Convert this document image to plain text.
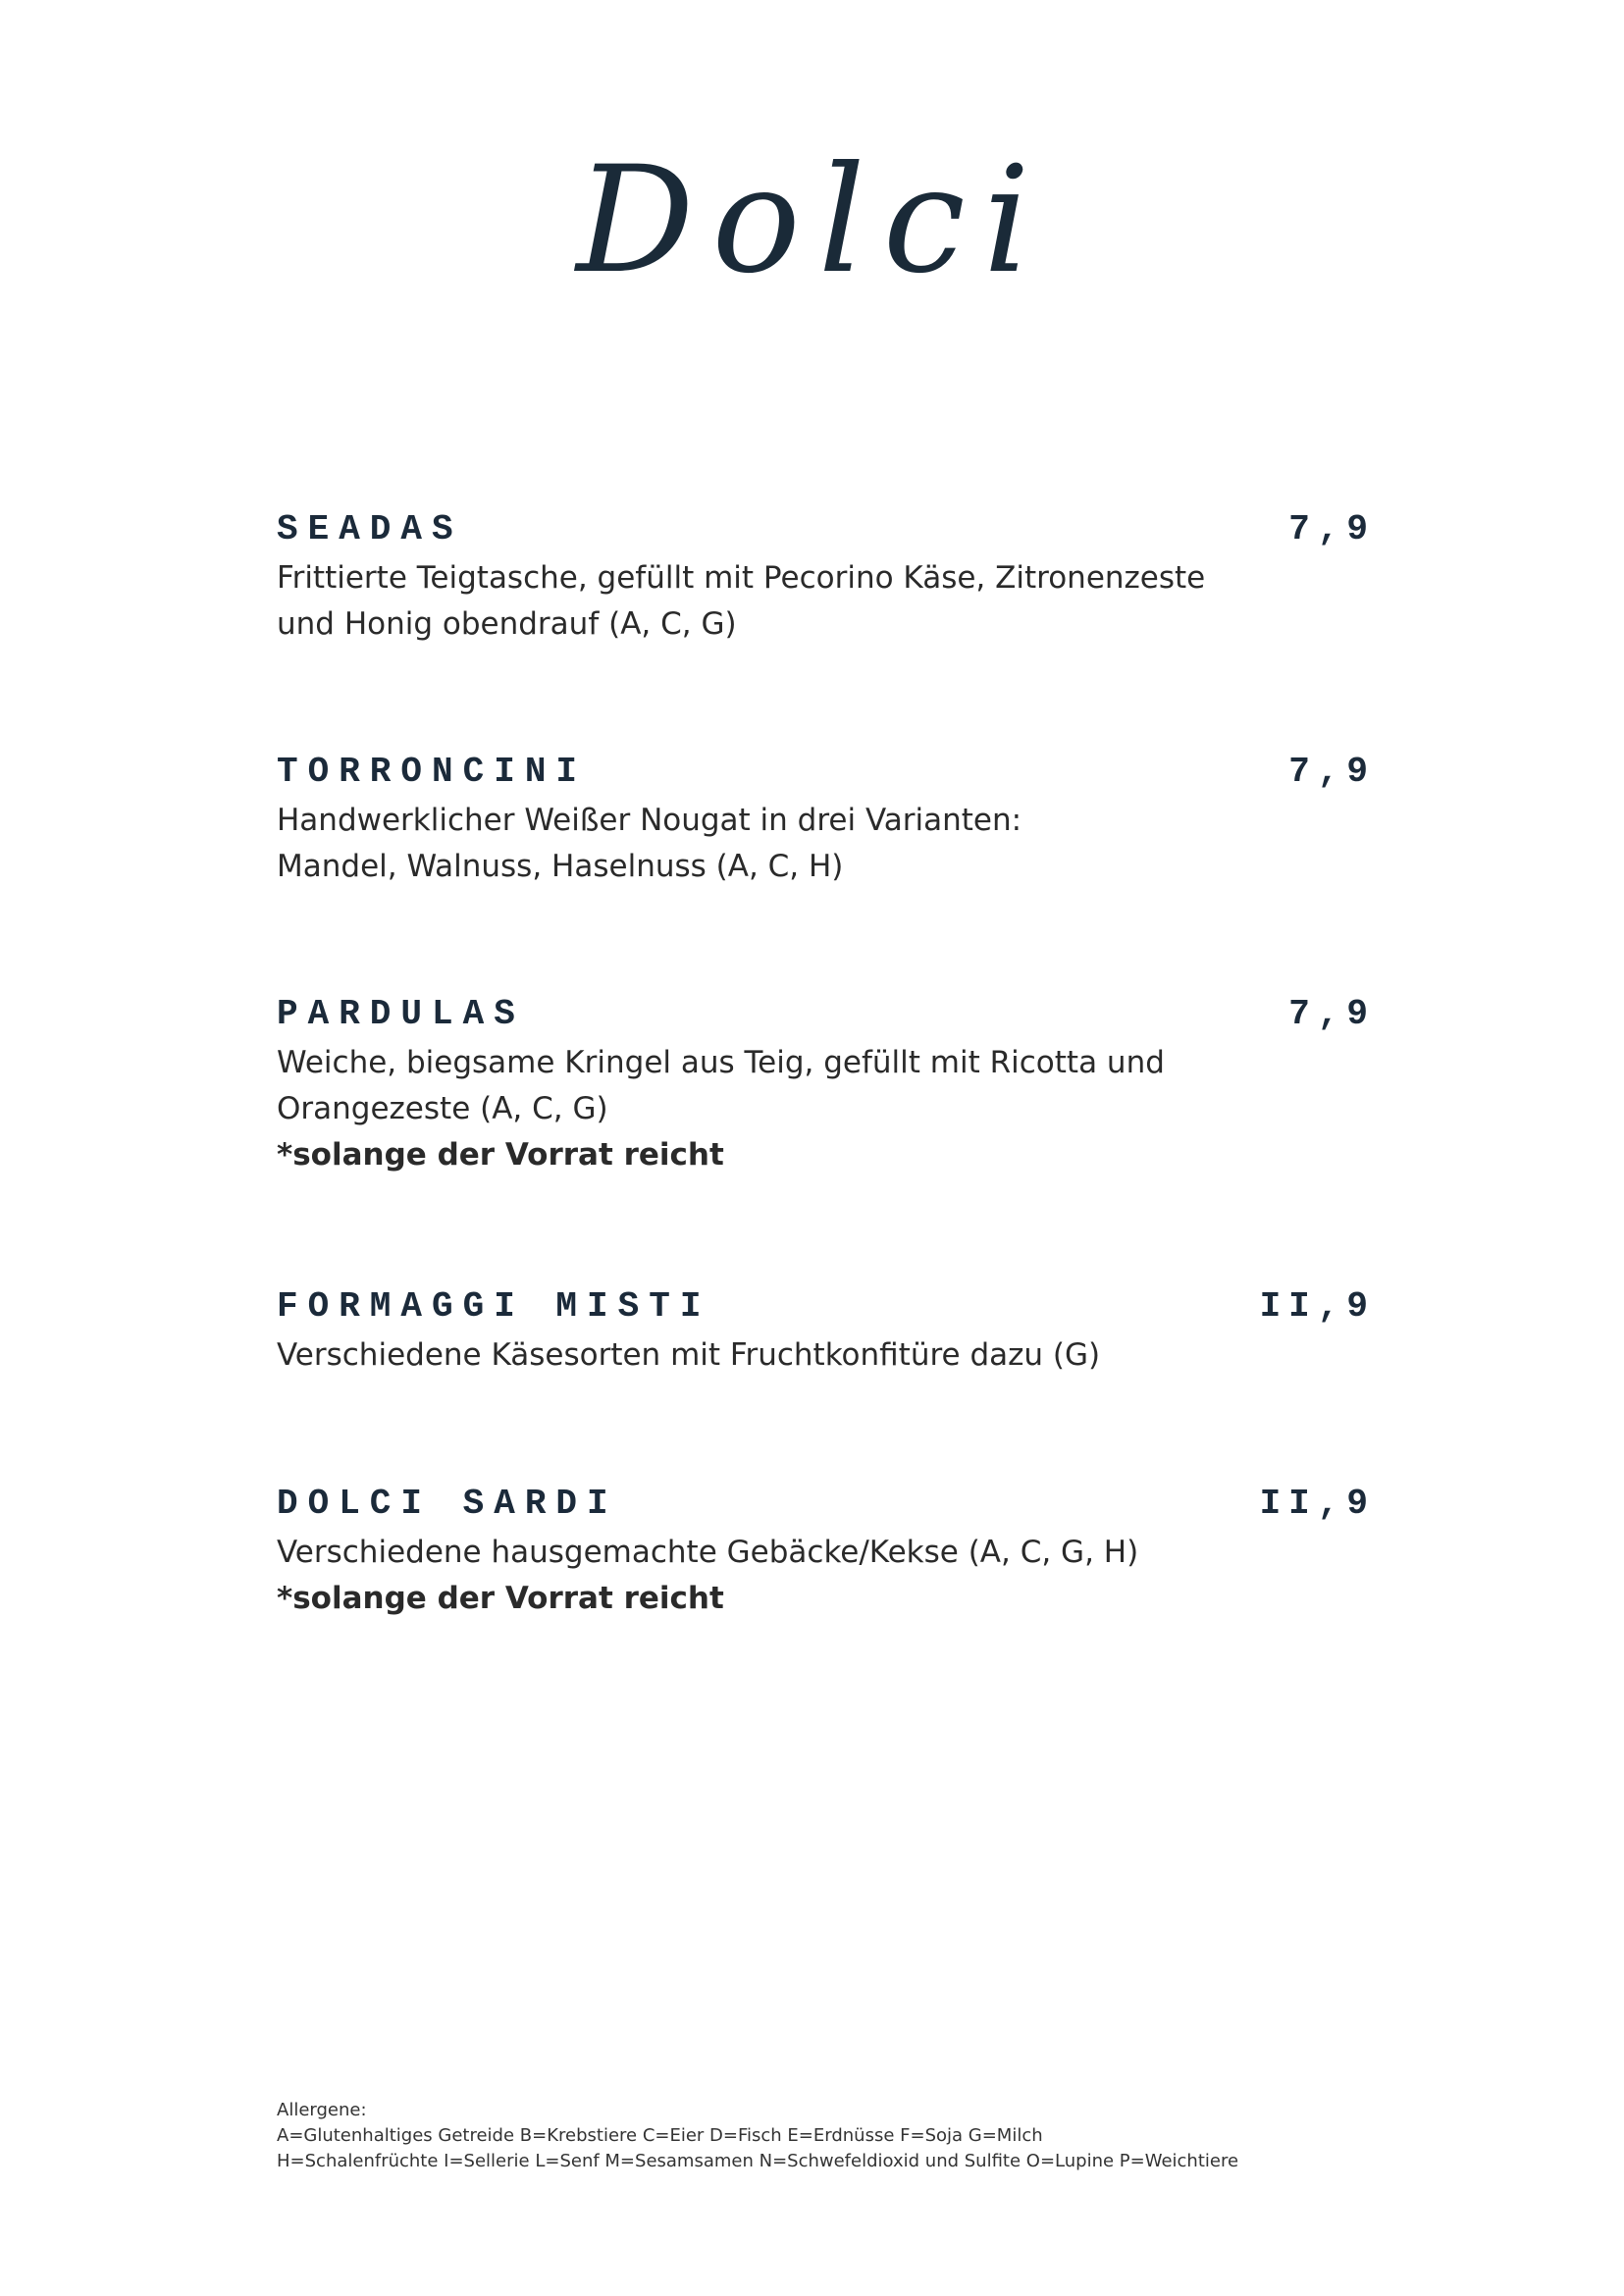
Dolci
SEADAS	7,9
Frittierte Teigtasche, gefüllt mit Pecorino Käse, Zitronenzeste
und Honig obendrauf (A, C, G)
TORRONCINI	7,9
Handwerklicher Weißer Nougat in drei Varianten:
Mandel, Walnuss, Haselnuss (A, C, H)
PARDULAS	7,9
Weiche, biegsame Kringel aus Teig, gefüllt mit Ricotta und
Orangezeste (A, C, G)
*solange der Vorrat reicht
FORMAGGI MISTI	II,9
Verschiedene Käsesorten mit Fruchtkonfitüre dazu (G)
DOLCI SARDI	II,9
Verschiedene hausgemachte Gebäcke/Kekse (A, C, G, H)
*solange der Vorrat reicht
Allergene:
A=Glutenhaltiges Getreide B=Krebstiere C=Eier D=Fisch E=Erdnüsse F=Soja G=Milch
H=Schalenfrüchte I=Sellerie L=Senf M=Sesamsamen N=Schwefeldioxid und Sulfite O=Lupine P=Weichtiere
